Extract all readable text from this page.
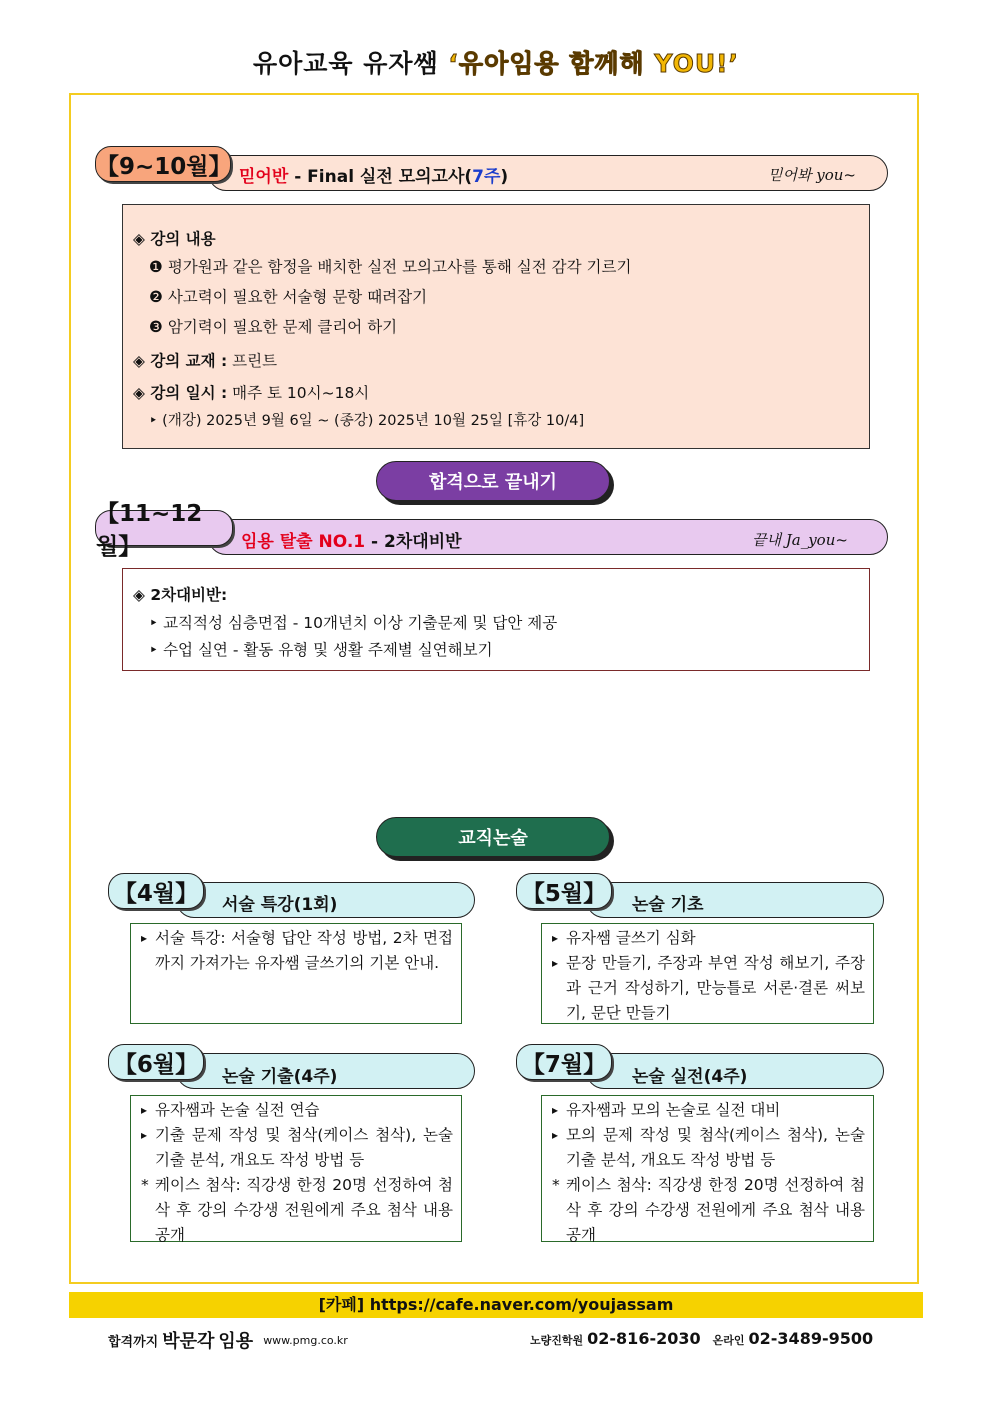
유아교육 유자쌤 ‘유아임용 함께해 YOU!’
【9~10월】 믿어반 - Final 실전 모의고사(7주)	믿어봐 you~
◈ 강의 내용
❶ 평가원과 같은 함정을 배치한 실전 모의고사를 통해 실전 감각 기르기
❷ 사고력이 필요한 서술형 문항 때려잡기
❸ 암기력이 필요한 문제 클리어 하기
◈ 강의 교재 : 프린트
◈ 강의 일시 : 매주 토 10시~18시
‣ (개강) 2025년 9월 6일 ~ (종강) 2025년 10월 25일 [휴강 10/4]
합격으로 끝내기
【11~12월】	임용 탈출 NO.1 - 2차대비반	끝내 Ja_you~
◈ 2차대비반:
‣ 교직적성 심층면접 - 10개년치 이상 기출문제 및 답안 제공
‣ 수업 실연 - 활동 유형 및 생활 주제별 실연해보기
교직논술
【4월】 서술 특강(1회)
▸ 서술 특강: 서술형 답안 작성 방법, 2차 면접까지 가져가는 유자쌤 글쓰기의 기본 안내.
【5월】 논술 기초
▸ 유자쌤 글쓰기 심화
▸ 문장 만들기, 주장과 부연 작성 해보기, 주장과 근거 작성하기, 만능틀로 서론·결론 써보기, 문단 만들기
【6월】 논술 기출(4주)
▸ 유자쌤과 논술 실전 연습
▸ 기출 문제 작성 및 첨삭(케이스 첨삭), 논술 기출 분석, 개요도 작성 방법 등
* 케이스 첨삭: 직강생 한정 20명 선정하여 첨삭 후 강의 수강생 전원에게 주요 첨삭 내용 공개
【7월】 논술 실전(4주)
▸ 유자쌤과 모의 논술로 실전 대비
▸ 모의 문제 작성 및 첨삭(케이스 첨삭), 논술 기출 분석, 개요도 작성 방법 등
* 케이스 첨삭: 직강생 한정 20명 선정하여 첨삭 후 강의 수강생 전원에게 주요 첨삭 내용 공개
[카페] https://cafe.naver.com/youjassam
합격까지 박문각 임용 www.pmg.co.kr	노량진학원 02-816-2030 온라인 02-3489-9500
